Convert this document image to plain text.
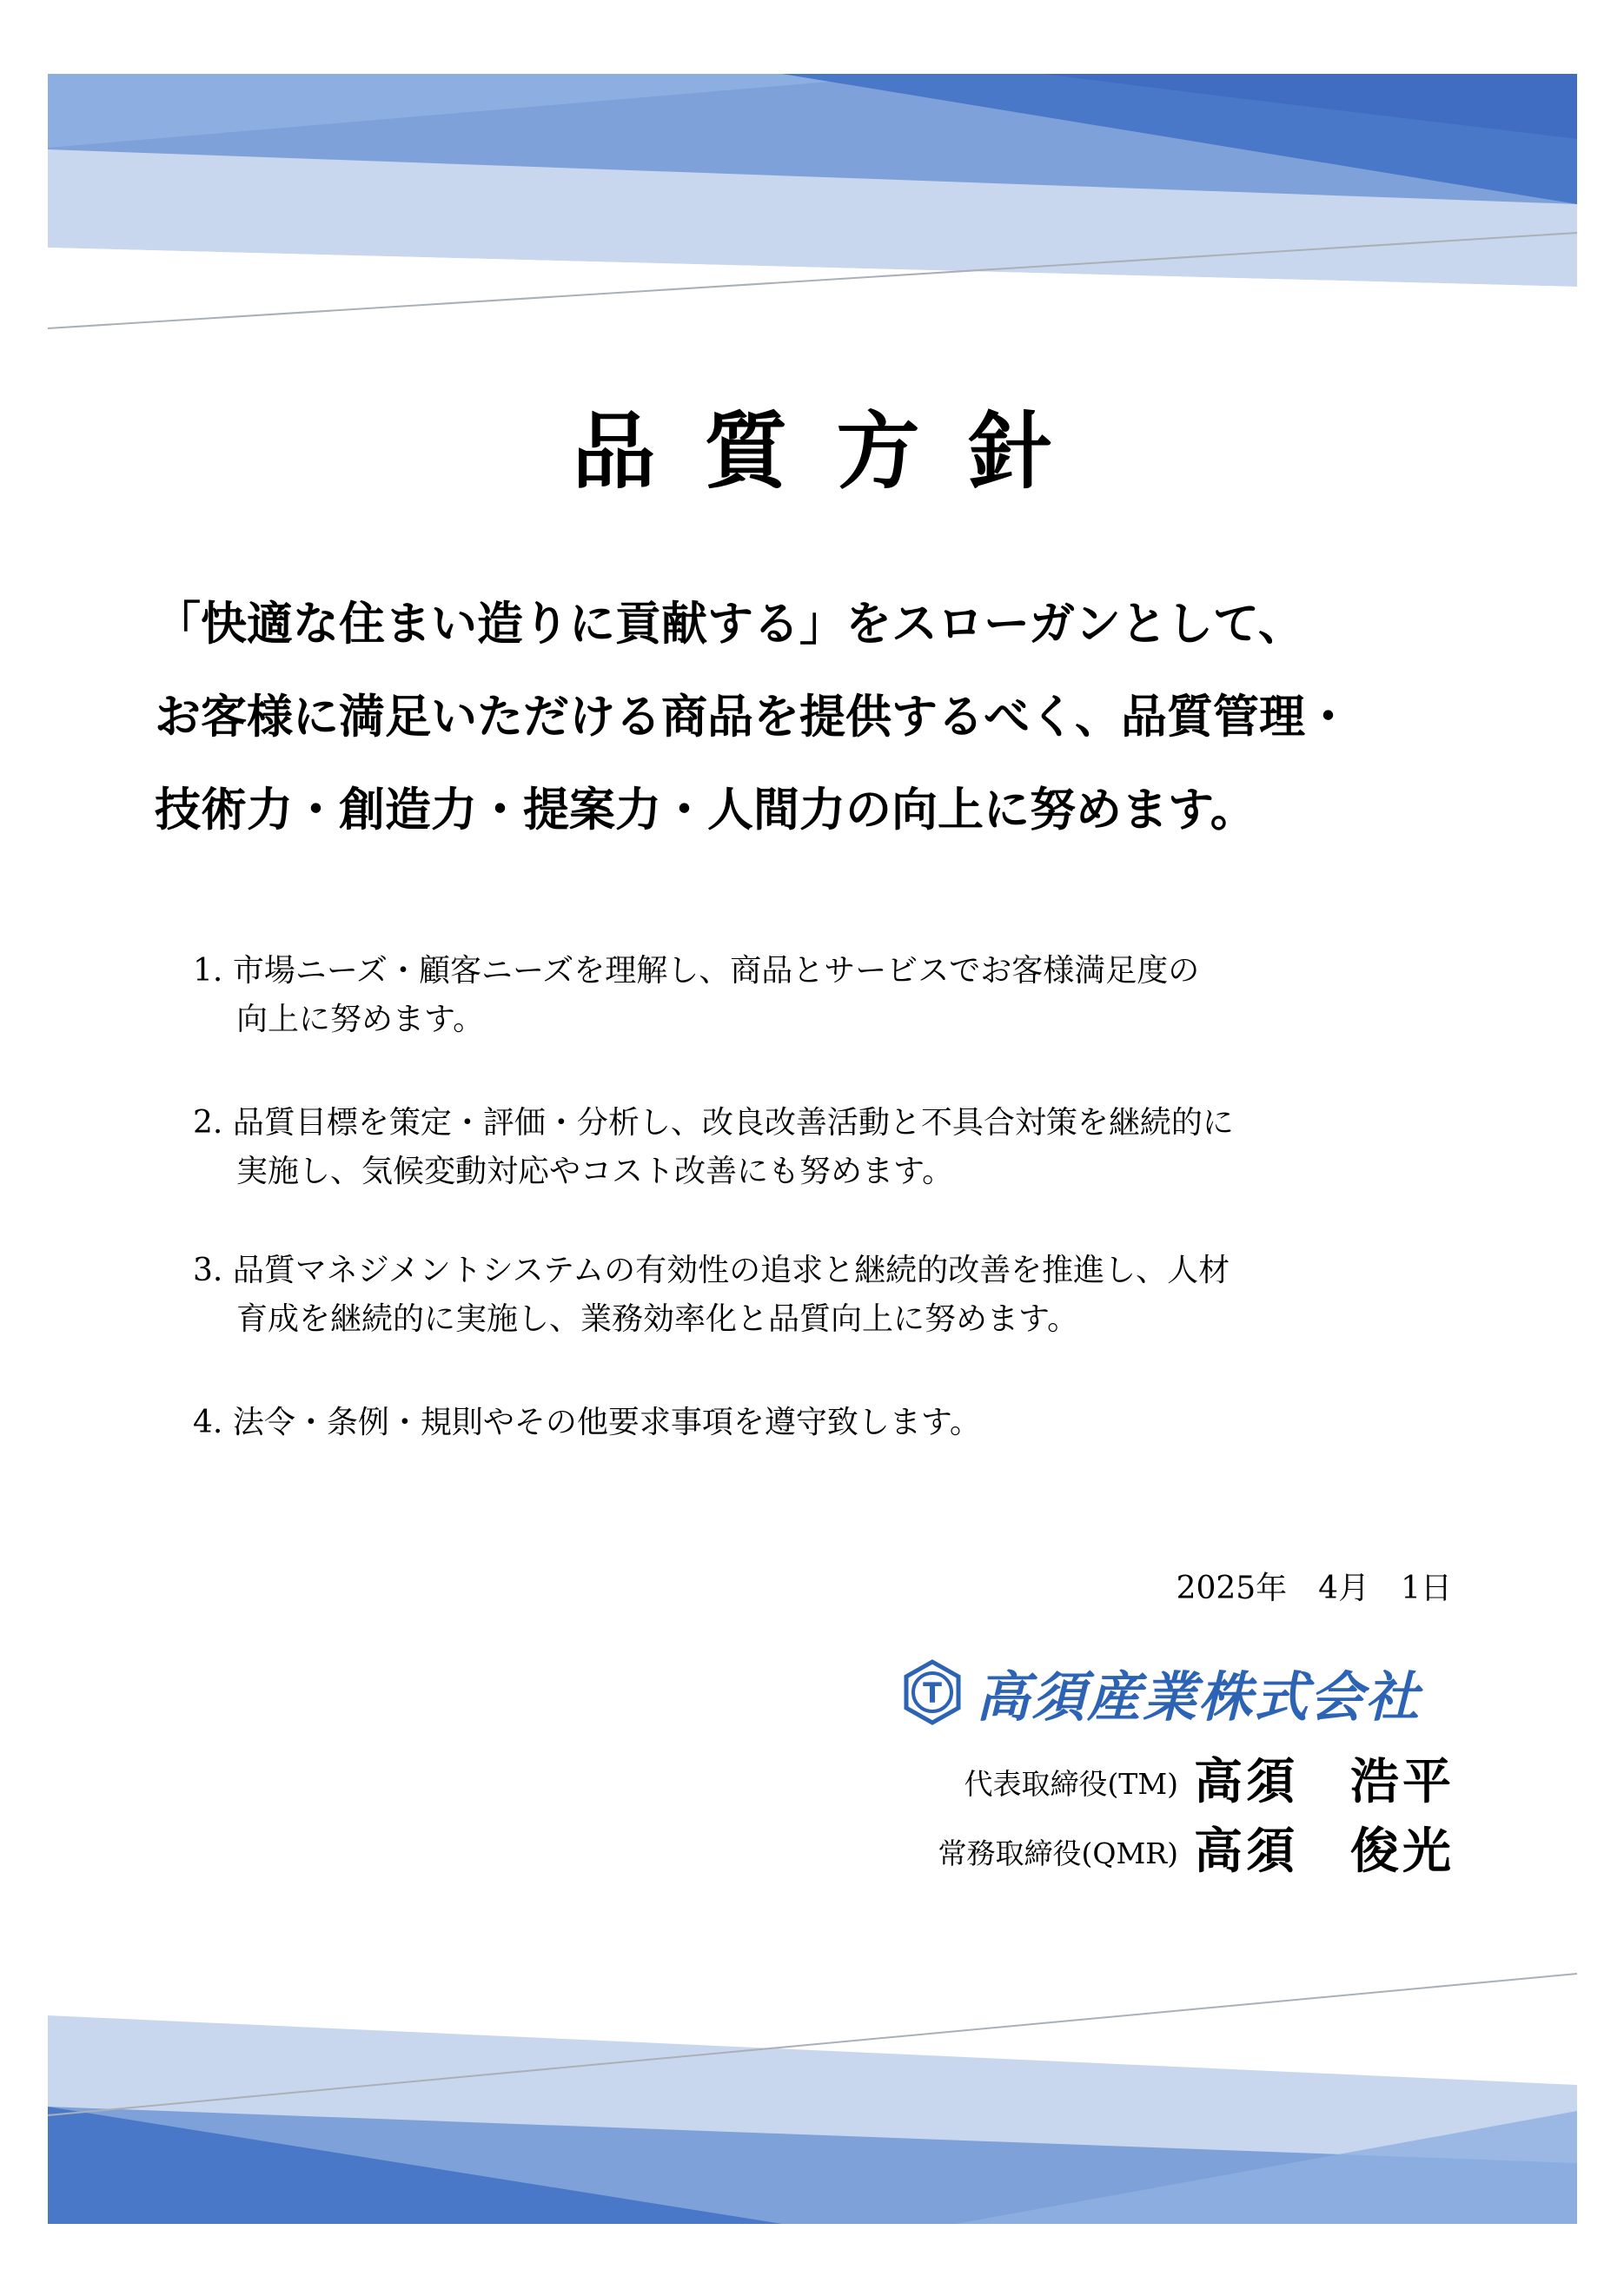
品質方針
「快適な住まい造りに貢献する」をスローガンとして、
お客様に満足いただける商品を提供するべく、品質管理・
技術力・創造力・提案力・人間力の向上に努めます。
1. 市場ニーズ・顧客ニーズを理解し、商品とサービスでお客様満足度の
向上に努めます。
2. 品質目標を策定・評価・分析し、改良改善活動と不具合対策を継続的に
実施し、気候変動対応やコスト改善にも努めます。
3. 品質マネジメントシステムの有効性の追求と継続的改善を推進し、人材
育成を継続的に実施し、業務効率化と品質向上に努めます。
4. 法令・条例・規則やその他要求事項を遵守致します。
2025年　4月　1日
T 高須産業株式会社
代表取締役(TM) 高須　浩平
常務取締役(QMR) 高須　俊光
